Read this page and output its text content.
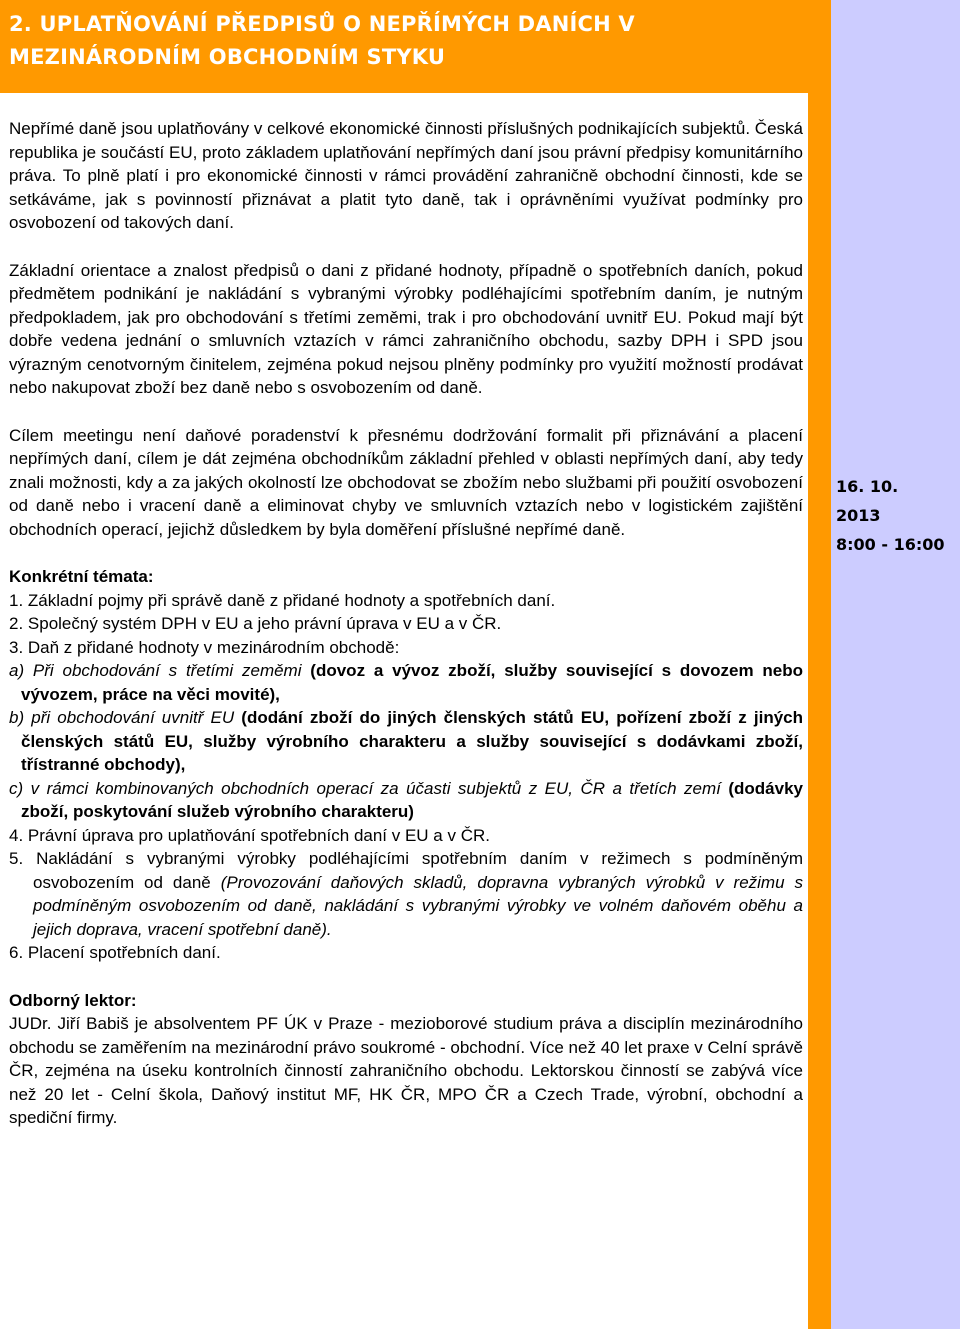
2. UPLATŇOVÁNÍ PŘEDPISŮ O NEPŘÍMÝCH DANÍCH V MEZINÁRODNÍM OBCHODNÍM STYKU
16. 10.
2013
8:00 - 16:00

Nepřímé daně jsou uplatňovány v celkové ekonomické činnosti příslušných podnikajících subjektů. Česká republika je součástí EU, proto základem uplatňování nepřímých daní jsou právní předpisy komunitárního práva. To plně platí i pro ekonomické činnosti v rámci provádění zahraničně obchodní činnosti, kde se setkáváme, jak s povinností přiznávat a platit tyto daně, tak i oprávněními využívat podmínky pro osvobození od takových daní.

Základní orientace a znalost předpisů o dani z přidané hodnoty, případně o spotřebních daních, pokud předmětem podnikání je nakládání s vybranými výrobky podléhajícími spotřebním daním, je nutným předpokladem, jak pro obchodování s třetími zeměmi, trak i pro obchodování uvnitř EU. Pokud mají být dobře vedena jednání o smluvních vztazích v rámci zahraničního obchodu, sazby DPH i SPD jsou výrazným cenotvorným činitelem, zejména pokud nejsou plněny podmínky pro využití možností prodávat nebo nakupovat zboží bez daně nebo s osvobozením od daně.

Cílem meetingu není daňové poradenství k přesnému dodržování formalit při přiznávání a placení nepřímých daní, cílem je dát zejména obchodníkům základní přehled v oblasti nepřímých daní, aby tedy znali možnosti, kdy a za jakých okolností lze obchodovat se zbožím nebo službami při použití osvobození od daně nebo i vracení daně a eliminovat chyby ve smluvních vztazích nebo v logistickém zajištění obchodních operací, jejichž důsledkem by byla doměření příslušné nepřímé daně.

Konkrétní témata:
1. Základní pojmy při správě daně z přidané hodnoty a spotřebních daní.
2. Společný systém DPH v EU a jeho právní úprava v EU a v ČR.
3. Daň z přidané hodnoty v mezinárodním obchodě:
a) Při obchodování s třetími zeměmi (dovoz a vývoz zboží, služby související s dovozem nebo vývozem, práce na věci movité),
b) při obchodování uvnitř EU (dodání zboží do jiných členských států EU, pořízení zboží z jiných členských států EU, služby výrobního charakteru a služby související s dodávkami zboží, třístranné obchody),
c) v rámci kombinovaných obchodních operací za účasti subjektů z EU, ČR a třetích zemí (dodávky zboží, poskytování služeb výrobního charakteru)
4. Právní úprava pro uplatňování spotřebních daní v EU a v ČR.
5. Nakládání s vybranými výrobky podléhajícími spotřebním daním v režimech s podmíněným osvobozením od daně (Provozování daňových skladů, dopravna vybraných výrobků v režimu s podmíněným osvobozením od daně, nakládání s vybranými výrobky ve volném daňovém oběhu a jejich doprava, vracení spotřební daně).
6. Placení spotřebních daní.
Odborný lektor:

JUDr. Jiří Babiš je absolventem PF ÚK v Praze - mezioborové studium práva a disciplín mezinárodního obchodu se zaměřením na mezinárodní právo soukromé - obchodní. Více než 40 let praxe v Celní správě ČR, zejména na úseku kontrolních činností zahraničního obchodu. Lektorskou činností se zabývá více než 20 let - Celní škola, Daňový institut MF, HK ČR, MPO ČR a Czech Trade, výrobní, obchodní a spediční firmy.
